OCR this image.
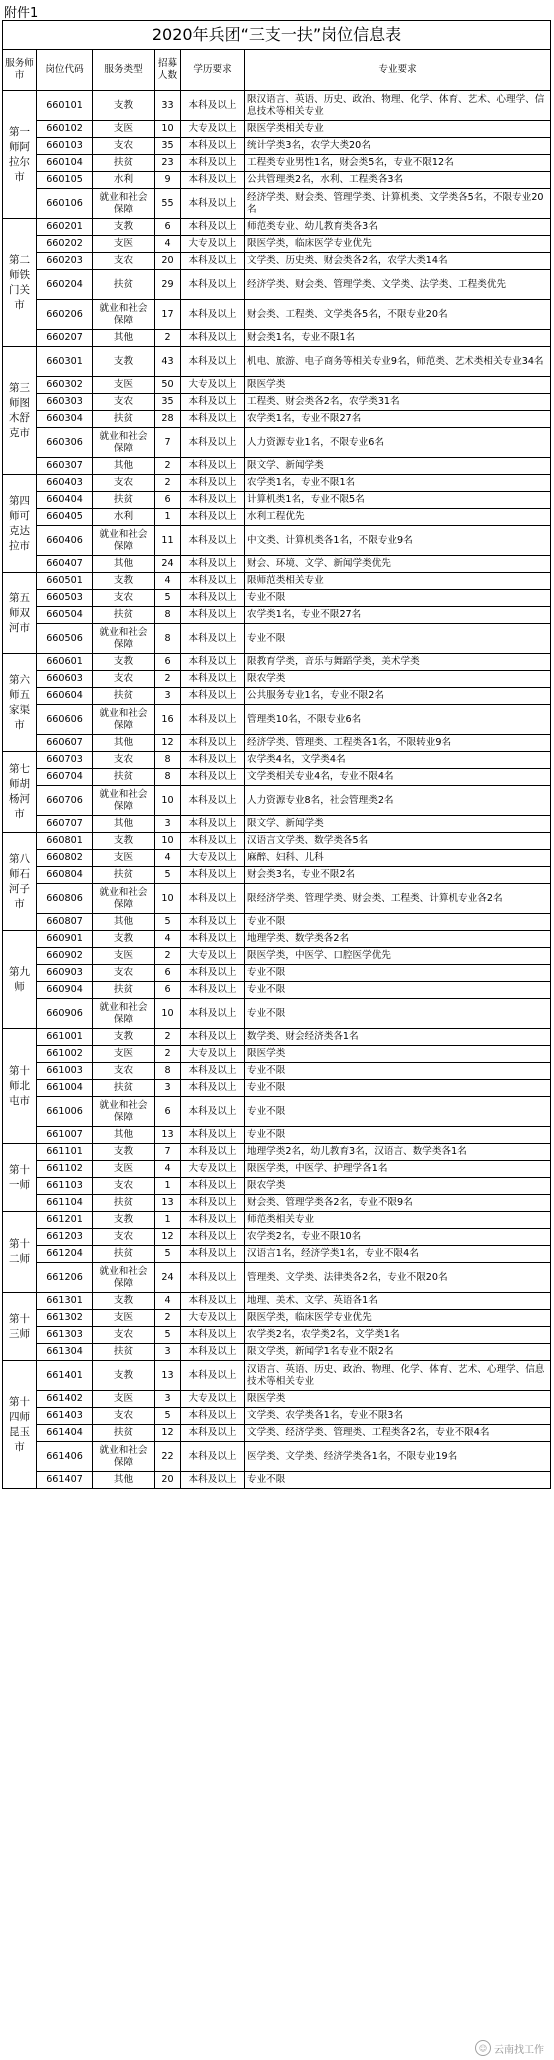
附件1
2020年兵团“三支一扶”岗位信息表					
服务师市	岗位代码	服务类型	招募人数	学历要求	专业要求
第一师阿拉尔市	660101	支教	33	本科及以上	限汉语言、英语、历史、政治、物理、化学、体育、艺术、心理学、信息技术等相关专业
	660102	支医	10	大专及以上	限医学类相关专业
	660103	支农	35	本科及以上	统计学类3名，农学大类20名
	660104	扶贫	23	本科及以上	工程类专业男性1名，财会类5名，专业不限12名
	660105	水利	9	本科及以上	公共管理类2名，水利、工程类各3名
	660106	就业和社会保障	55	本科及以上	经济学类、财会类、管理学类、计算机类、文学类各5名，不限专业20名
第二师铁门关市	660201	支教	6	本科及以上	师范类专业、幼儿教育类各3名
	660202	支医	4	大专及以上	限医学类，临床医学专业优先
	660203	支农	20	本科及以上	文学类、历史类、财会类各2名，农学大类14名
	660204	扶贫	29	本科及以上	经济学类、财会类、管理学类、文学类、法学类、工程类优先
	660206	就业和社会保障	17	本科及以上	财会类、工程类、文学类各5名，不限专业20名
	660207	其他	2	本科及以上	财会类1名，专业不限1名
第三师图木舒克市	660301	支教	43	本科及以上	机电、旅游、电子商务等相关专业9名，师范类、艺术类相关专业34名
	660302	支医	50	大专及以上	限医学类
	660303	支农	35	本科及以上	工程类、财会类各2名，农学类31名
	660304	扶贫	28	本科及以上	农学类1名，专业不限27名
	660306	就业和社会保障	7	本科及以上	人力资源专业1名，不限专业6名
	660307	其他	2	本科及以上	限文学、新闻学类
第四师可克达拉市	660403	支农	2	本科及以上	农学类1名，专业不限1名
	660404	扶贫	6	本科及以上	计算机类1名，专业不限5名
	660405	水利	1	本科及以上	水利工程优先
	660406	就业和社会保障	11	本科及以上	中文类、计算机类各1名，不限专业9名
	660407	其他	24	本科及以上	财会、环境、文学、新闻学类优先
第五师双河市	660501	支教	4	本科及以上	限师范类相关专业
	660503	支农	5	本科及以上	专业不限
	660504	扶贫	8	本科及以上	农学类1名，专业不限27名
	660506	就业和社会保障	8	本科及以上	专业不限
第六师五家渠市	660601	支教	6	本科及以上	限教育学类，音乐与舞蹈学类，美术学类
	660603	支农	2	本科及以上	限农学类
	660604	扶贫	3	本科及以上	公共服务专业1名，专业不限2名
	660606	就业和社会保障	16	本科及以上	管理类10名，不限专业6名
	660607	其他	12	本科及以上	经济学类、管理类、工程类各1名，不限转业9名
第七师胡杨河市	660703	支农	8	本科及以上	农学类4名，文学类4名
	660704	扶贫	8	本科及以上	文学类相关专业4名，专业不限4名
	660706	就业和社会保障	10	本科及以上	人力资源专业8名，社会管理类2名
	660707	其他	3	本科及以上	限文学、新闻学类
第八师石河子市	660801	支教	10	本科及以上	汉语言文学类、数学类各5名
	660802	支医	4	大专及以上	麻醉、妇科、儿科
	660804	扶贫	5	本科及以上	财会类3名，专业不限2名
	660806	就业和社会保障	10	本科及以上	限经济学类、管理学类、财会类、工程类、计算机专业各2名
	660807	其他	5	本科及以上	专业不限
第九师	660901	支教	4	本科及以上	地理学类、数学类各2名
	660902	支医	2	大专及以上	限医学类，中医学、口腔医学优先
	660903	支农	6	本科及以上	专业不限
	660904	扶贫	6	本科及以上	专业不限
	660906	就业和社会保障	10	本科及以上	专业不限
第十师北屯市	661001	支教	2	本科及以上	数学类、财会经济类各1名
	661002	支医	2	大专及以上	限医学类
	661003	支农	8	本科及以上	专业不限
	661004	扶贫	3	本科及以上	专业不限
	661006	就业和社会保障	6	本科及以上	专业不限
	661007	其他	13	本科及以上	专业不限
第十一师	661101	支教	7	本科及以上	地理学类2名，幼儿教育3名，汉语言、数学类各1名
	661102	支医	4	大专及以上	限医学类，中医学、护理学各1名
	661103	支农	1	本科及以上	限农学类
	661104	扶贫	13	本科及以上	财会类、管理学类各2名，专业不限9名
第十二师	661201	支教	1	本科及以上	师范类相关专业
	661203	支农	12	本科及以上	农学类2名，专业不限10名
	661204	扶贫	5	本科及以上	汉语言1名，经济学类1名，专业不限4名
	661206	就业和社会保障	24	本科及以上	管理类、文学类、法律类各2名，专业不限20名
第十三师	661301	支教	4	本科及以上	地理、美术、文学、英语各1名
	661302	支医	2	大专及以上	限医学类，临床医学专业优先
	661303	支农	5	本科及以上	农学类2名，农学类2名，文学类1名
	661304	扶贫	3	本科及以上	限文学类，新闻学1名专业不限2名
第十四师昆玉市	661401	支教	13	本科及以上	汉语言、英语、历史、政治、物理、化学、体育、艺术、心理学、信息技术等相关专业
	661402	支医	3	大专及以上	限医学类
	661403	支农	5	本科及以上	文学类、农学类各1名，专业不限3名
	661404	扶贫	12	本科及以上	文学类、经济学类、管理类、工程类各2名，专业不限4名
	661406	就业和社会保障	22	本科及以上	医学类、文学类、经济学类各1名，不限专业19名
	661407	其他	20	本科及以上	专业不限
☺ 云南找工作
